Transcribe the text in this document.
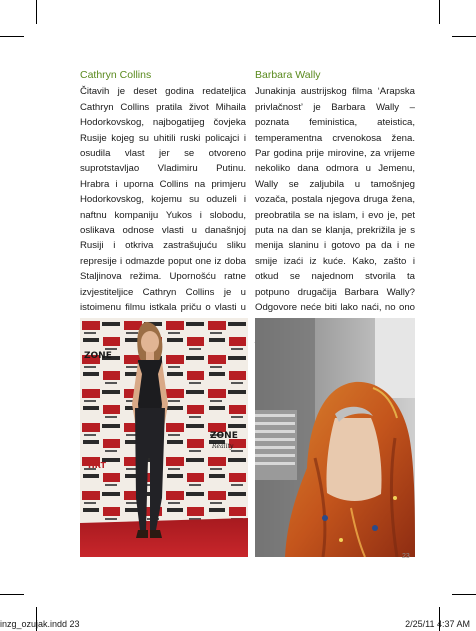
Cathryn Collins

Čitavih je deset godina redateljica Cathryn Collins pratila život Mihaila Hodorkovskog, najbogatijeg čovjeka Rusije kojeg su uhitili ruski policajci i osudila vlast jer se otvoreno suprotstavljao Vladimiru Putinu. Hrabra i uporna Collins na primjeru Hodorkovskog, kojemu su oduzeli i naftnu kompaniju Yukos i slobodu, oslikava odnose vlasti u današnjoj Rusiji i otkriva zastrašujuću sliku represije i odmazde poput one iz doba Staljinova režima. Upornošću ratne izvjestiteljice Cathryn Collins je u istoimenu filmu istkala priču o vlasti u

Barbara Wally

Junakinja austrijskog filma ‘Arapska privlačnost’ je Barbara Wally – poznata feministica, ateistica, temperamentna crvenokosa žena. Par godina prije mirovine, za vrijeme nekoliko dana odmora u Jemenu, Wally se zaljubila u tamošnjeg vozača, postala njegova druga žena, preobratila se na islam, i evo je, pet puta na dan se klanja, prekrižila je s menija slaninu i gotovo pa da i ne smije izaći iz kuće. Kako, zašto i otkud se najednom stvorila ta potpuno drugačija Barbara Wally? Odgovore neće biti lako naći, no ono

ZONE
ZONE
Reality
HRT
23
inzg_ozujak.indd 23	2/25/11 4:37 AM
